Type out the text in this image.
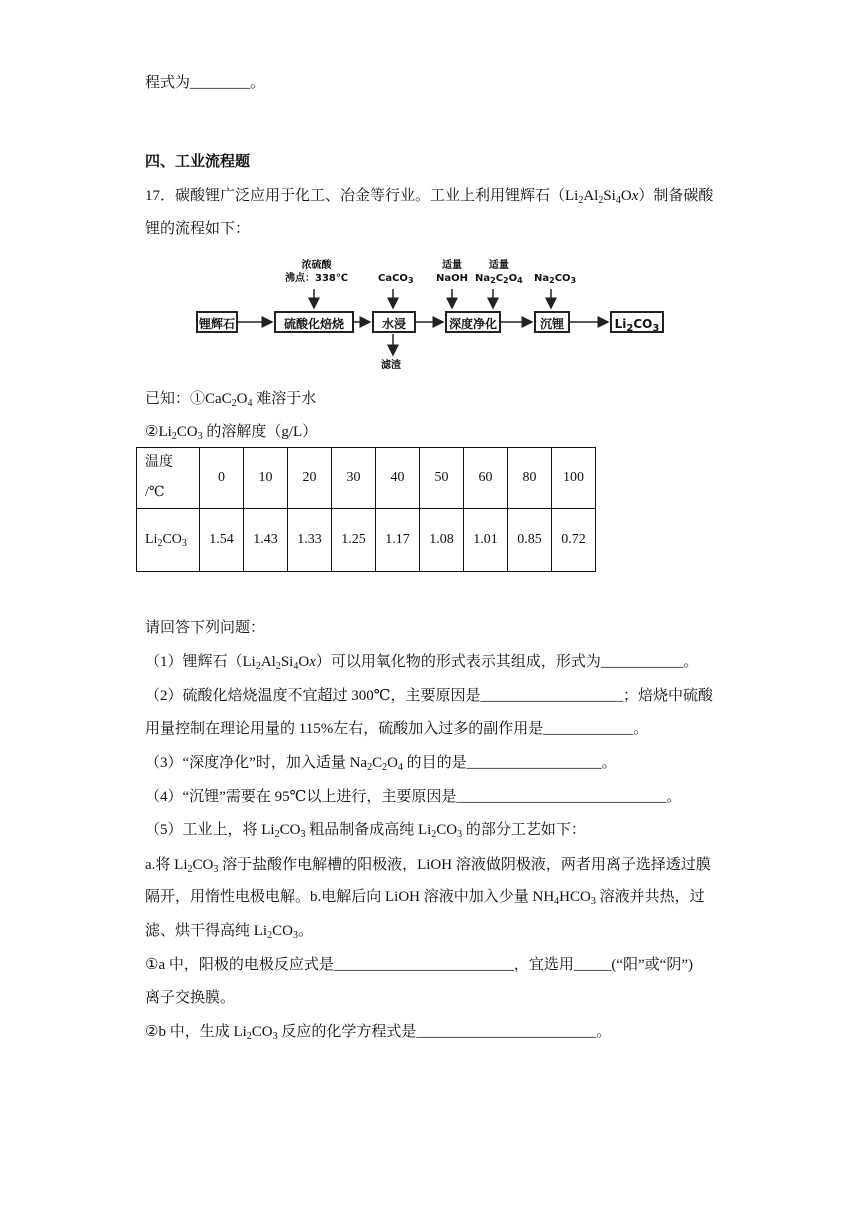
程式为________。
四、工业流程题
17．碳酸锂广泛应用于化工、冶金等行业。工业上利用锂辉石$(Li_2Al_2Si_4Ox)$制备碳酸
锂的流程如下：
锂辉石	硫酸化焙烧	水浸	深度净化	沉锂	$Li_2CO_3$
浓硫酸
沸点：338℃	CaCO$_3$
适量
NaOH
适量
$Na_2C_2O_4$ $Na_2CO_3$
滤渣
已知：$①CaC_2O_4$ 难溶于水
$②Li_2CO_3$ 的溶解度（g/L）
温度
/℃	0	10	20	30	40	50	60	80	100
$Li_2CO_3$	1.54	1.43	1.33	1.25	1.17	1.08	1.01	0.85	0.72
请回答下列问题：
（1）锂辉石$(Li_2Al_2Si_4Ox)$可以用氧化物的形式表示其组成，形式为___________。
（2）硫酸化焙烧温度不宜超过 300℃，主要原因是___________________；焙烧中硫酸
用量控制在理论用量的 115%左右，硫酸加入过多的副作用是____________。
（3）“深度净化”时，加入适量 $Na_2C_2O_4$ 的目的是__________________。
（4）“沉锂”需要在 95℃以上进行，主要原因是____________________________。
（5）工业上，将 $Li_2CO_3$ 粗品制备成高纯 $Li_2CO_3$ 的部分工艺如下：
a.将 $Li_2CO_3$ 溶于盐酸作电解槽的阳极液，LiOH 溶液做阴极液，两者用离子选择透过膜
隔开，用惰性电极电解。b.电解后向 LiOH 溶液中加入少量 $NH_4HCO_3$ 溶液并共热，过
滤、烘干得高纯 $Li_2CO_3$。
①a 中，阳极的电极反应式是________________________，宜选用_____(“阳”或“阴”)
离子交换膜。
②b 中，生成 $Li_2CO_3$ 反应的化学方程式是________________________。
